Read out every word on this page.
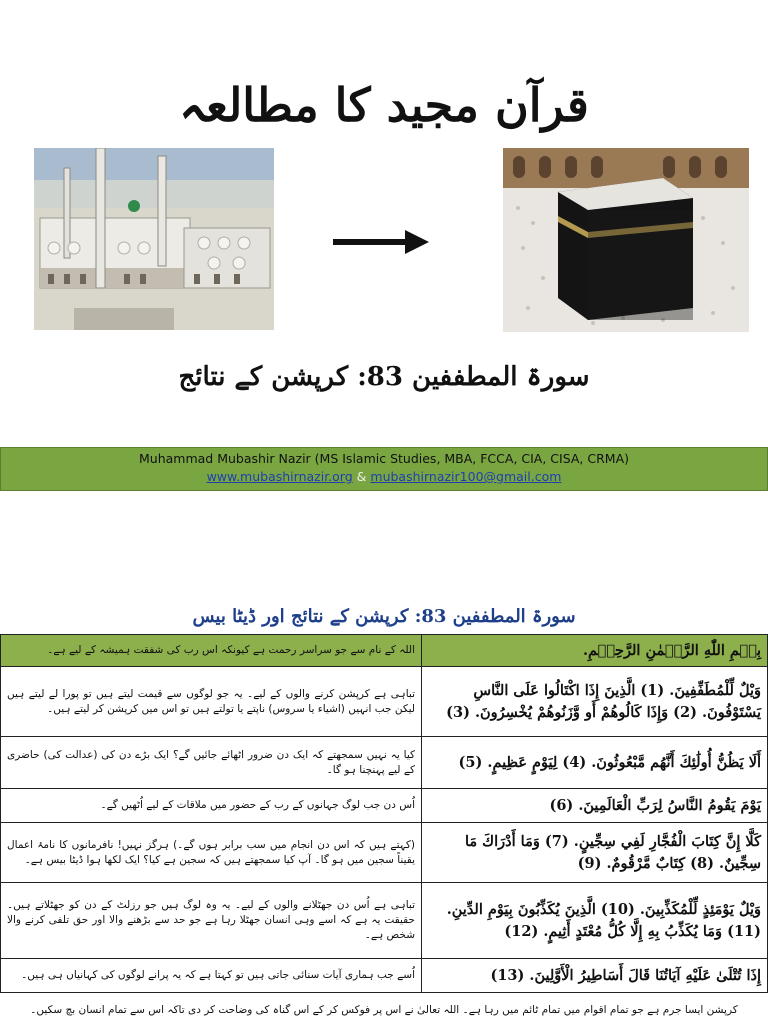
قرآن مجید کا مطالعہ
سورۃ المطففین 83: کرپشن کے نتائج
Muhammad Mubashir Nazir (MS Islamic Studies, MBA, FCCA, CIA, CISA, CRMA)
www.mubashirnazir.org & mubashirnazir100@gmail.com
سورۃ المطففین 83: کرپشن کے نتائج اور ڈیٹا بیس
اللہ کے نام سے جو سراسر رحمت ہے کیونکہ اس رب کی شفقت ہمیشہ کے لیے ہے۔	بِسۡمِ اللّٰهِ الرَّحۡمٰنِ الرَّحِیۡمِ.
تباہی ہے کرپشن کرنے والوں کے لیے۔ یہ جو لوگوں سے قیمت لیتے ہیں تو پورا لے لیتے ہیں لیکن جب انہیں (اشیاء یا سروس) ناپتے یا تولتے ہیں تو اس میں کرپشن کر لیتے ہیں۔	وَيْلٌ لِّلْمُطَفِّفِينَ. (1) الَّذِينَ إِذَا اكْتَالُوا عَلَى النَّاسِ يَسْتَوْفُونَ. (2) وَإِذَا كَالُوهُمْ أَو وَّزَنُوهُمْ يُخْسِرُونَ. (3)
کیا یہ نہیں سمجھتے کہ ایک دن ضرور اٹھائے جائیں گے؟ ایک بڑے دن کی (عدالت کی) حاضری کے لیے پہنچنا ہو گا۔	أَلَا يَظُنُّ أُولَٰئِكَ أَنَّهُم مَّبْعُوثُونَ. (4) لِيَوْمٍ عَظِيمٍ. (5)
اُس دن جب لوگ جہانوں کے رب کے حضور میں ملاقات کے لیے اُٹھیں گے۔	يَوْمَ يَقُومُ النَّاسُ لِرَبِّ الْعَالَمِينَ. (6)
(کہتے ہیں کہ اس دن انجام میں سب برابر ہوں گے۔) ہرگز نہیں! نافرمانوں کا نامۂ اعمال یقیناً سجین میں ہو گا۔ آپ کیا سمجھتے ہیں کہ سجین ہے کیا؟ ایک لکھا ہوا ڈیٹا بیس ہے۔	كَلَّا إِنَّ كِتَابَ الْفُجَّارِ لَفِي سِجِّينٍ. (7) وَمَا أَدْرَاكَ مَا سِجِّينٌ. (8) كِتَابٌ مَّرْقُومٌ. (9)
تباہی ہے اُس دن جھٹلانے والوں کے لیے۔ یہ وہ لوگ ہیں جو رزلٹ کے دن کو جھٹلاتے ہیں۔ حقیقت یہ ہے کہ اسے وہی انسان جھٹلا رہا ہے جو حد سے بڑھنے والا اور حق تلفی کرنے والا شخص ہے۔	وَيْلٌ يَوْمَئِذٍ لِّلْمُكَذِّبِينَ. (10) الَّذِينَ يُكَذِّبُونَ بِيَوْمِ الدِّينِ. (11) وَمَا يُكَذِّبُ بِهِ إِلَّا كُلُّ مُعْتَدٍ أَثِيمٍ. (12)
اُسے جب ہماری آیات سنائی جاتی ہیں تو کہتا ہے کہ یہ پرانے لوگوں کی کہانیاں ہی ہیں۔	إِذَا تُتْلَىٰ عَلَيْهِ آيَاتُنَا قَالَ أَسَاطِيرُ الْأَوَّلِينَ. (13)
کرپشن ایسا جرم ہے جو تمام اقوام میں تمام ٹائم میں رہا ہے۔ اللہ تعالیٰ نے اس پر فوکس کر کے اس گناہ کی وضاحت کر دی تاکہ اس سے تمام انسان بچ سکیں۔
